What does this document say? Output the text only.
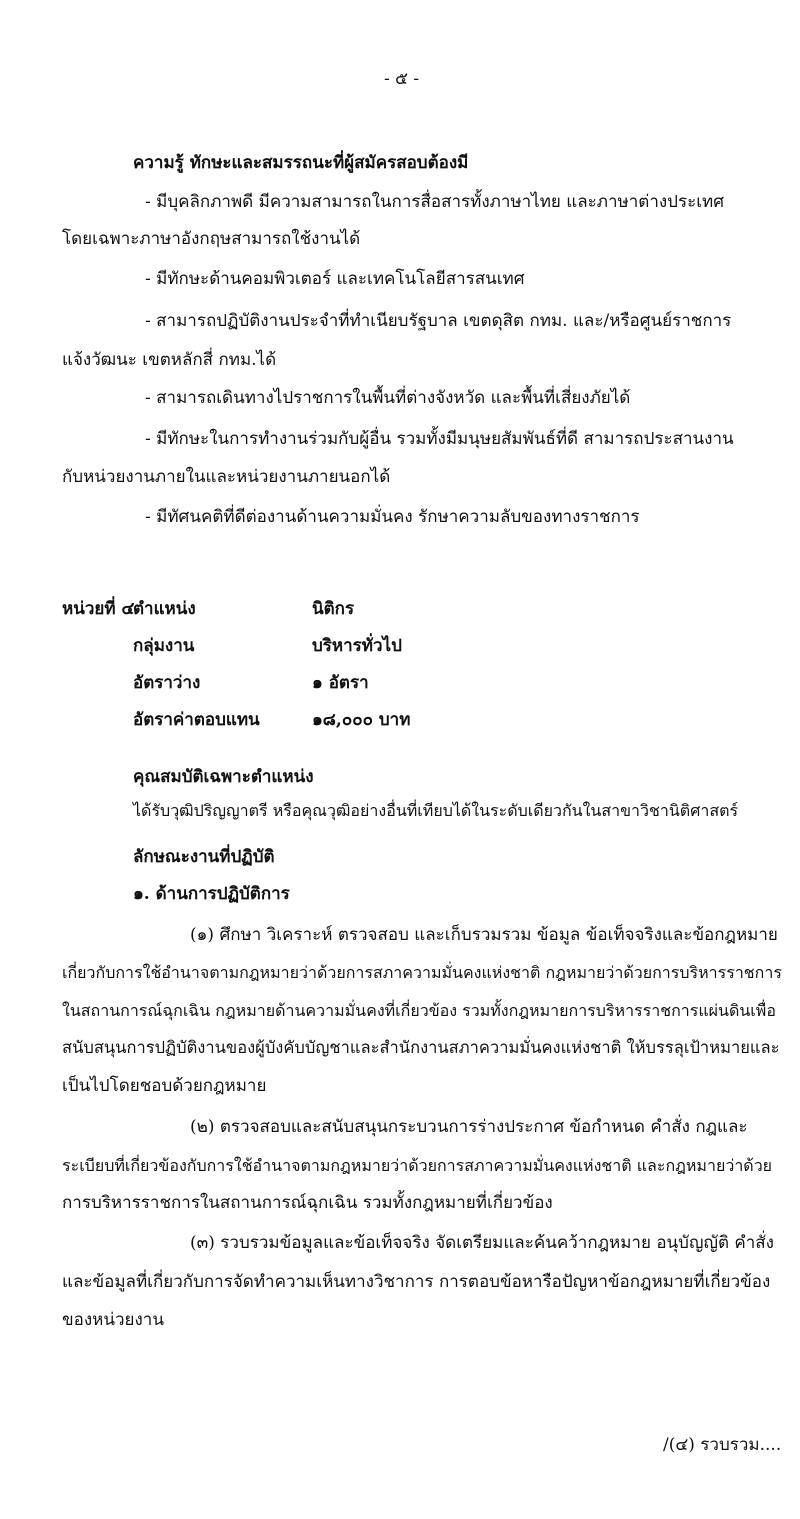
- ๕ -
ความรู้ ทักษะและสมรรถนะที่ผู้สมัครสอบต้องมี
- มีบุคลิกภาพดี มีความสามารถในการสื่อสารทั้งภาษาไทย และภาษาต่างประเทศ
โดยเฉพาะภาษาอังกฤษสามารถใช้งานได้
- มีทักษะด้านคอมพิวเตอร์ และเทคโนโลยีสารสนเทศ
- สามารถปฏิบัติงานประจำที่ทำเนียบรัฐบาล เขตดุสิต กทม. และ/หรือศูนย์ราชการ
แจ้งวัฒนะ เขตหลักสี่ กทม.ได้
- สามารถเดินทางไปราชการในพื้นที่ต่างจังหวัด และพื้นที่เสี่ยงภัยได้
- มีทักษะในการทำงานร่วมกับผู้อื่น รวมทั้งมีมนุษยสัมพันธ์ที่ดี สามารถประสานงาน
กับหน่วยงานภายในและหน่วยงานภายนอกได้
- มีทัศนคติที่ดีต่องานด้านความมั่นคง รักษาความลับของทางราชการ
หน่วยที่ ๔
ตำแหน่ง	นิติกร
กลุ่มงาน	บริหารทั่วไป
อัตราว่าง	๑ อัตรา
อัตราค่าตอบแทน	๑๘,๐๐๐ บาท
คุณสมบัติเฉพาะตำแหน่ง
ได้รับวุฒิปริญญาตรี หรือคุณวุฒิอย่างอื่นที่เทียบได้ในระดับเดียวกันในสาขาวิชานิติศาสตร์
ลักษณะงานที่ปฏิบัติ
๑. ด้านการปฏิบัติการ
(๑) ศึกษา วิเคราะห์ ตรวจสอบ และเก็บรวมรวม ข้อมูล ข้อเท็จจริงและข้อกฎหมาย
เกี่ยวกับการใช้อำนาจตามกฎหมายว่าด้วยการสภาความมั่นคงแห่งชาติ กฎหมายว่าด้วยการบริหารราชการ
ในสถานการณ์ฉุกเฉิน กฎหมายด้านความมั่นคงที่เกี่ยวข้อง รวมทั้งกฎหมายการบริหารราชการแผ่นดินเพื่อ
สนับสนุนการปฏิบัติงานของผู้บังคับบัญชาและสำนักงานสภาความมั่นคงแห่งชาติ ให้บรรลุเป้าหมายและ
เป็นไปโดยชอบด้วยกฎหมาย
(๒) ตรวจสอบและสนับสนุนกระบวนการร่างประกาศ ข้อกำหนด คำสั่ง กฎและ
ระเบียบที่เกี่ยวข้องกับการใช้อำนาจตามกฎหมายว่าด้วยการสภาความมั่นคงแห่งชาติ และกฎหมายว่าด้วย
การบริหารราชการในสถานการณ์ฉุกเฉิน รวมทั้งกฎหมายที่เกี่ยวข้อง
(๓) รวบรวมข้อมูลและข้อเท็จจริง จัดเตรียมและค้นคว้ากฎหมาย อนุบัญญัติ คำสั่ง
และข้อมูลที่เกี่ยวกับการจัดทำความเห็นทางวิชาการ การตอบข้อหารือปัญหาข้อกฎหมายที่เกี่ยวข้อง
ของหน่วยงาน
/(๔) รวบรวม....
